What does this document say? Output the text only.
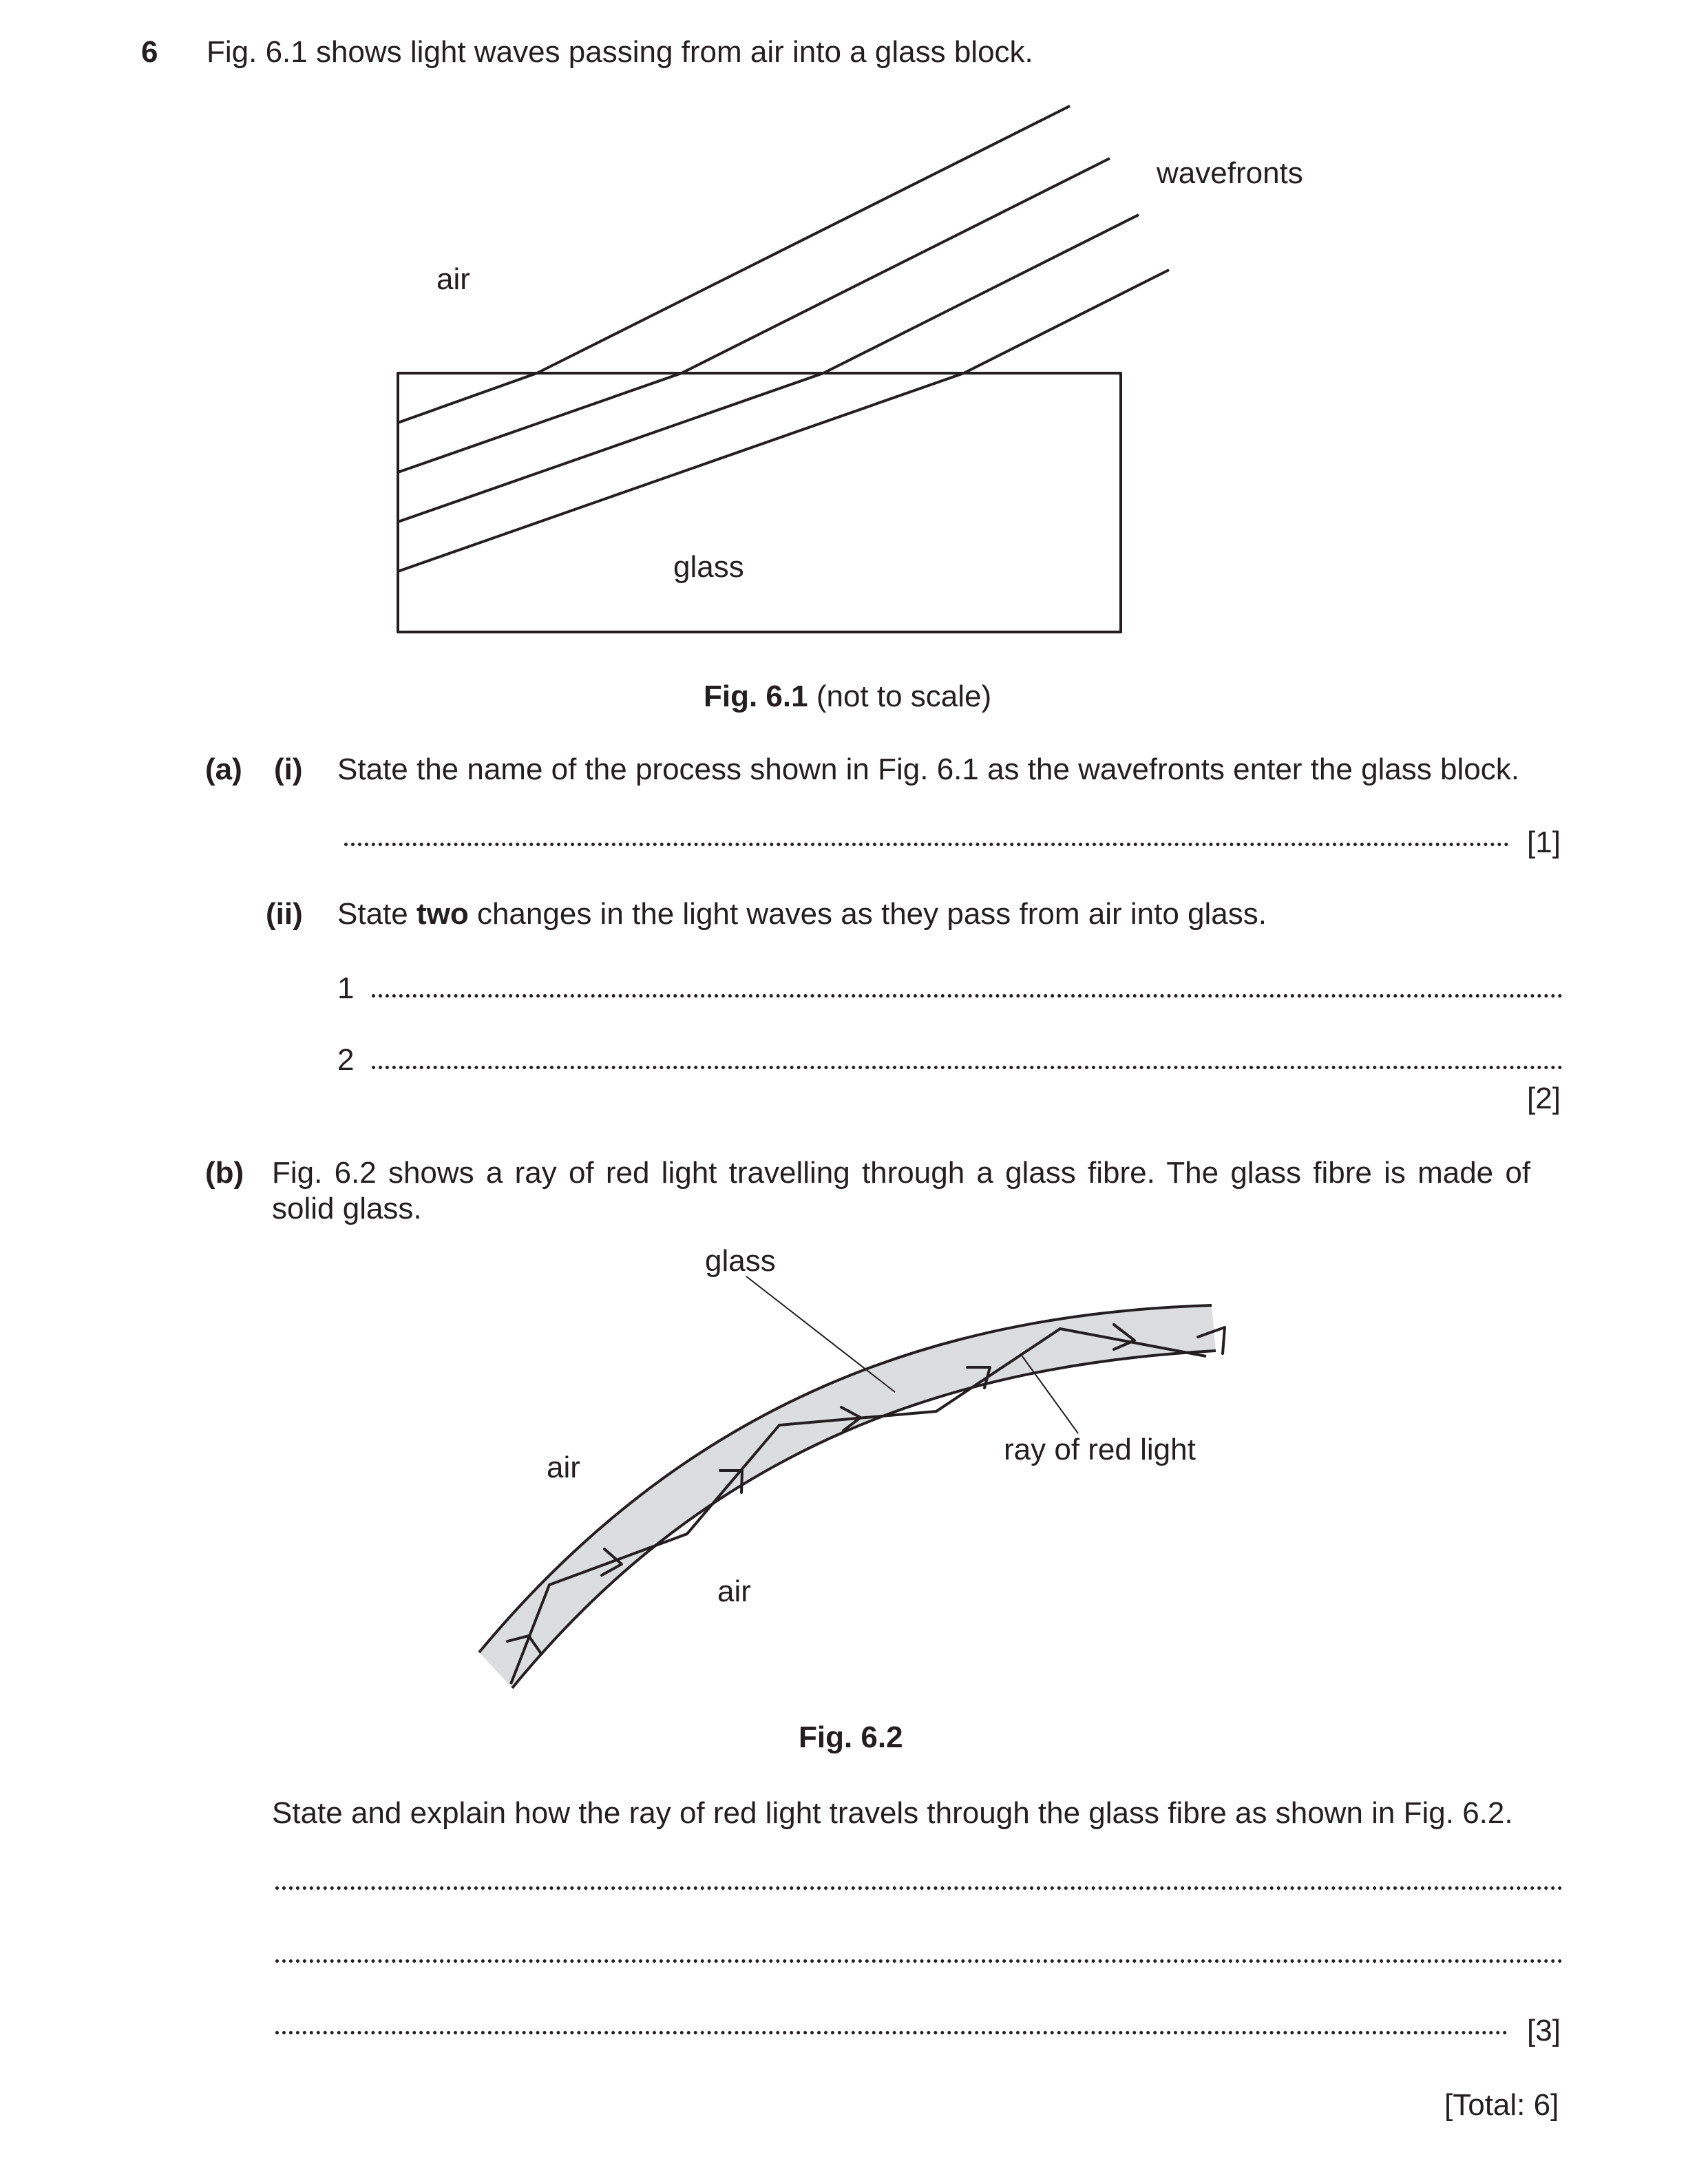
6 Fig. 6.1 shows light waves passing from air into a glass block.
wavefronts
air
glass
Fig. 6.1 (not to scale)
(a) (i) State the name of the process shown in Fig. 6.1 as the wavefronts enter the glass block.
[1]
(ii) State two changes in the light waves as they pass from air into glass.
1
2
[2]
(b) Fig. 6.2 shows a ray of red light travelling through a glass fibre. The glass fibre is made of
solid glass.
glass
air
air
ray of red light
Fig. 6.2
State and explain how the ray of red light travels through the glass fibre as shown in Fig. 6.2.
[3]
[Total: 6]
